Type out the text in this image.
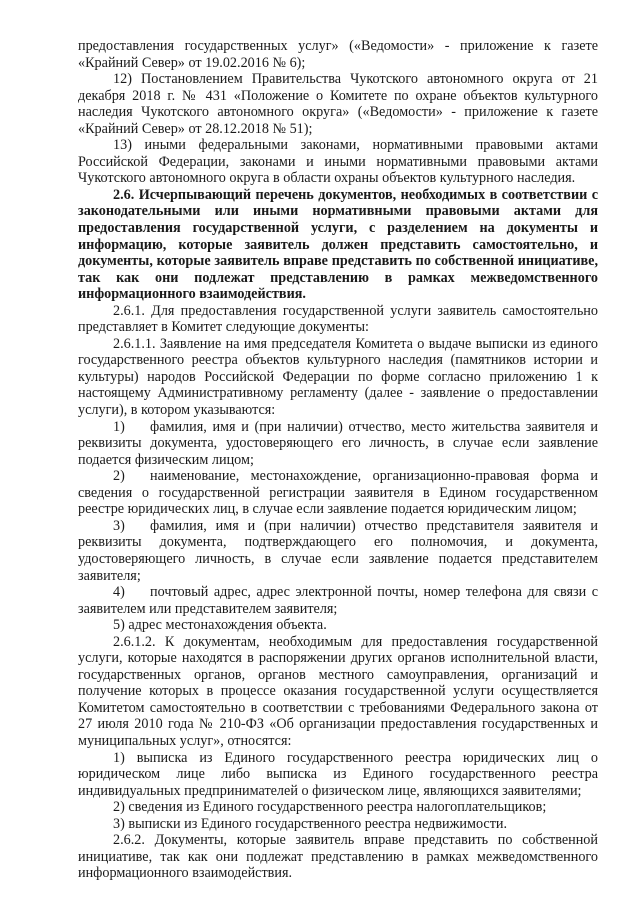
предоставления государственных услуг» («Ведомости» - приложение к газете «Крайний Север» от 19.02.2016 № 6);

12) Постановлением Правительства Чукотского автономного округа от 21 декабря 2018 г. № 431 «Положение о Комитете по охране объектов культурного наследия Чукотского автономного округа» («Ведомости» - приложение к газете «Крайний Север» от 28.12.2018 № 51);

13) иными федеральными законами, нормативными правовыми актами Российской Федерации, законами и иными нормативными правовыми актами Чукотского автономного округа в области охраны объектов культурного наследия.

2.6. Исчерпывающий перечень документов, необходимых в соответствии с законодательными или иными нормативными правовыми актами для предоставления государственной услуги, с разделением на документы и информацию, которые заявитель должен представить самостоятельно, и документы, которые заявитель вправе представить по собственной инициативе, так как они подлежат представлению в рамках межведомственного информационного взаимодействия.

2.6.1. Для предоставления государственной услуги заявитель самостоятельно представляет в Комитет следующие документы:

2.6.1.1. Заявление на имя председателя Комитета о выдаче выписки из единого государственного реестра объектов культурного наследия (памятников истории и культуры) народов Российской Федерации по форме согласно приложению 1 к настоящему Административному регламенту (далее - заявление о предоставлении услуги), в котором указываются:

1) фамилия, имя и (при наличии) отчество, место жительства заявителя и реквизиты документа, удостоверяющего его личность, в случае если заявление подается физическим лицом;

2) наименование, местонахождение, организационно-правовая форма и сведения о государственной регистрации заявителя в Едином государственном реестре юридических лиц, в случае если заявление подается юридическим лицом;

3) фамилия, имя и (при наличии) отчество представителя заявителя и реквизиты документа, подтверждающего его полномочия, и документа, удостоверяющего личность, в случае если заявление подается представителем заявителя;

4) почтовый адрес, адрес электронной почты, номер телефона для связи с заявителем или представителем заявителя;

5) адрес местонахождения объекта.

2.6.1.2. К документам, необходимым для предоставления государственной услуги, которые находятся в распоряжении других органов исполнительной власти, государственных органов, органов местного самоуправления, организаций и получение которых в процессе оказания государственной услуги осуществляется Комитетом самостоятельно в соответствии с требованиями Федерального закона от 27 июля 2010 года № 210-ФЗ «Об организации предоставления государственных и муниципальных услуг», относятся:

1) выписка из Единого государственного реестра юридических лиц о юридическом лице либо выписка из Единого государственного реестра индивидуальных предпринимателей о физическом лице, являющихся заявителями;

2) сведения из Единого государственного реестра налогоплательщиков;

3) выписки из Единого государственного реестра недвижимости.

2.6.2. Документы, которые заявитель вправе представить по собственной инициативе, так как они подлежат представлению в рамках межведомственного информационного взаимодействия.
